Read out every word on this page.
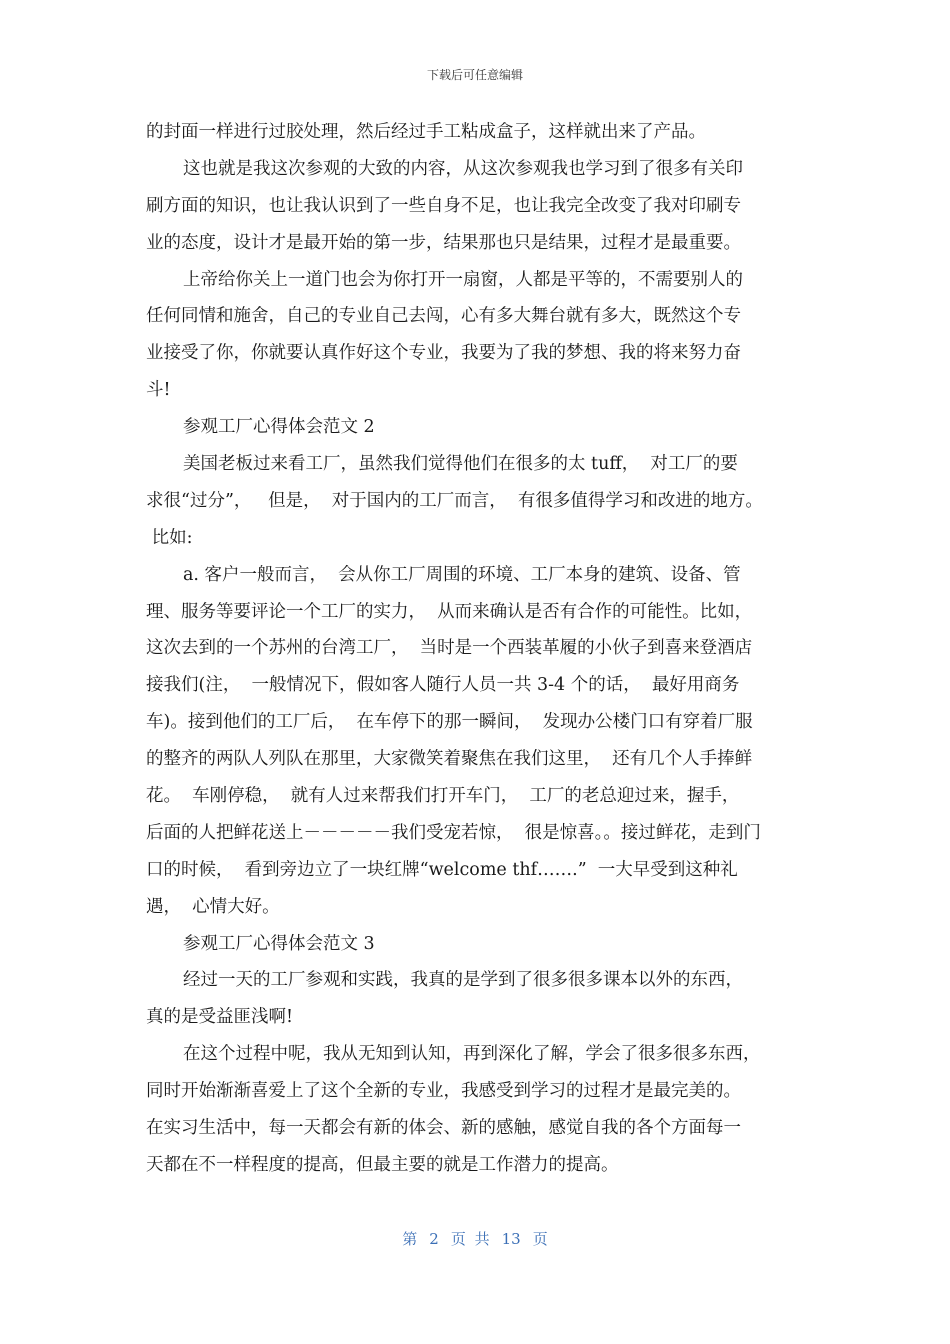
下载后可任意编辑
的封面一样进行过胶处理，然后经过手工粘成盒子，这样就出来了产品。
这也就是我这次参观的大致的内容，从这次参观我也学习到了很多有关印
刷方面的知识，也让我认识到了一些自身不足，也让我完全改变了我对印刷专
业的态度，设计才是最开始的第一步，结果那也只是结果，过程才是最重要。
上帝给你关上一道门也会为你打开一扇窗，人都是平等的，不需要别人的
任何同情和施舍，自己的专业自己去闯，心有多大舞台就有多大，既然这个专
业接受了你，你就要认真作好这个专业，我要为了我的梦想、我的将来努力奋
斗!
参观工厂心得体会范文 2
美国老板过来看工厂，虽然我们觉得他们在很多的太 tuff，  对工厂的要
求很“过分”，   但是，  对于国内的工厂而言，  有很多值得学习和改进的地方。
比如:
a. 客户一般而言，  会从你工厂周围的环境、工厂本身的建筑、设备、管
理、服务等要评论一个工厂的实力，  从而来确认是否有合作的可能性。比如，
这次去到的一个苏州的台湾工厂，  当时是一个西装革履的小伙子到喜来登酒店
接我们(注，  一般情况下，假如客人随行人员一共 3-4 个的话，  最好用商务
车)。接到他们的工厂后，  在车停下的那一瞬间，  发现办公楼门口有穿着厂服
的整齐的两队人列队在那里，大家微笑着聚焦在我们这里，  还有几个人手捧鲜
花。  车刚停稳，  就有人过来帮我们打开车门，  工厂的老总迎过来，握手，
后面的人把鲜花送上－－－－－我们受宠若惊，  很是惊喜。。接过鲜花，走到门
口的时候，  看到旁边立了一块红牌“welcome thf…….”  一大早受到这种礼
遇，  心情大好。
参观工厂心得体会范文 3
经过一天的工厂参观和实践，我真的是学到了很多很多课本以外的东西，
真的是受益匪浅啊!
在这个过程中呢，我从无知到认知，再到深化了解，学会了很多很多东西，
同时开始渐渐喜爱上了这个全新的专业，我感受到学习的过程才是最完美的。
在实习生活中，每一天都会有新的体会、新的感触，感觉自我的各个方面每一
天都在不一样程度的提高，但最主要的就是工作潜力的提高。
第 2 页 共 13 页
